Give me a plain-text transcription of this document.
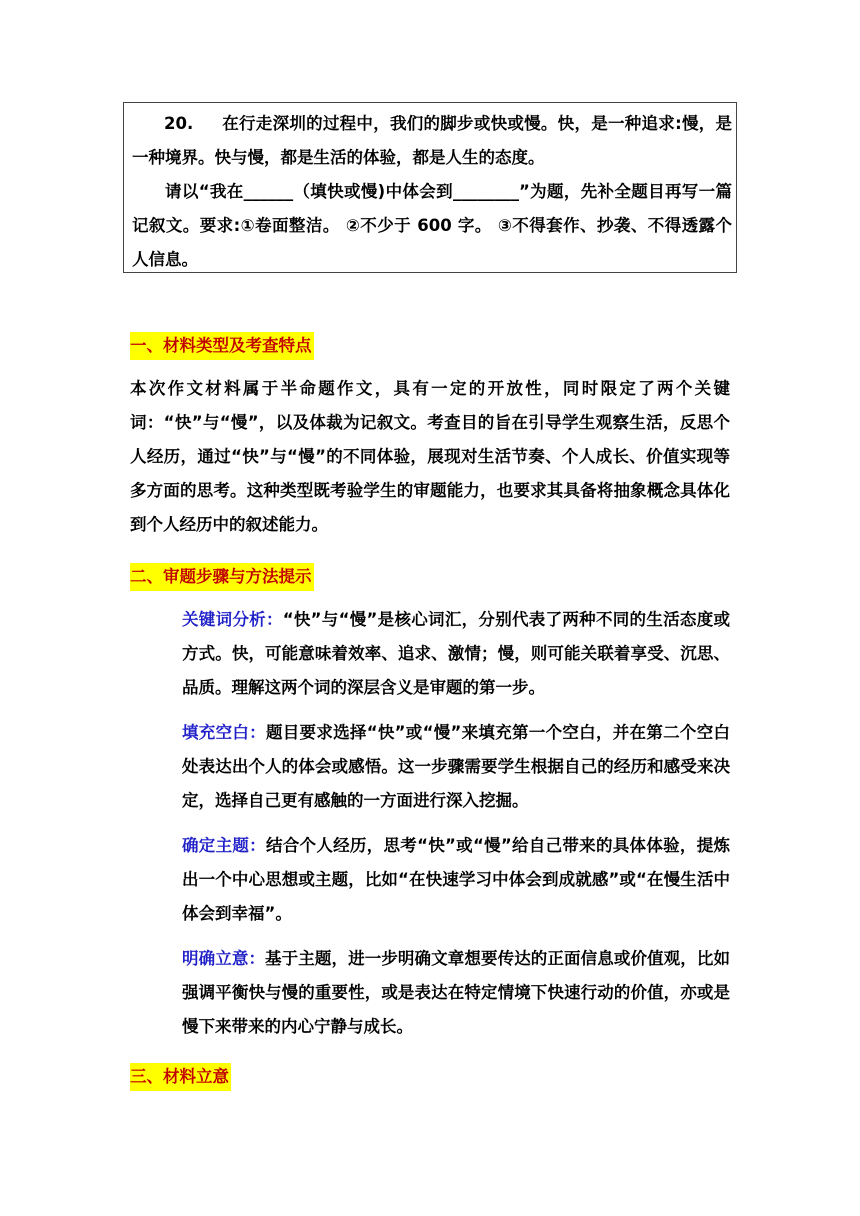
20. 在行走深圳的过程中，我们的脚步或快或慢。快，是一种追求:慢，是一种境界。快与慢，都是生活的体验，都是人生的态度。

请以“我在______（填快或慢)中体会到________”为题，先补全题目再写一篇记叙文。要求:①卷面整洁。 ②不少于 600 字。 ③不得套作、抄袭、不得透露个人信息。

一、材料类型及考查特点

本次作文材料属于半命题作文，具有一定的开放性，同时限定了两个关键词：“快”与“慢”，以及体裁为记叙文。考查目的旨在引导学生观察生活，反思个人经历，通过“快”与“慢”的不同体验，展现对生活节奏、个人成长、价值实现等多方面的思考。这种类型既考验学生的审题能力，也要求其具备将抽象概念具体化到个人经历中的叙述能力。

二、审题步骤与方法提示

关键词分析：“快”与“慢”是核心词汇，分别代表了两种不同的生活态度或方式。快，可能意味着效率、追求、激情；慢，则可能关联着享受、沉思、品质。理解这两个词的深层含义是审题的第一步。

填充空白：题目要求选择“快”或“慢”来填充第一个空白，并在第二个空白处表达出个人的体会或感悟。这一步骤需要学生根据自己的经历和感受来决定，选择自己更有感触的一方面进行深入挖掘。

确定主题：结合个人经历，思考“快”或“慢”给自己带来的具体体验，提炼出一个中心思想或主题，比如“在快速学习中体会到成就感”或“在慢生活中体会到幸福”。

明确立意：基于主题，进一步明确文章想要传达的正面信息或价值观，比如强调平衡快与慢的重要性，或是表达在特定情境下快速行动的价值，亦或是慢下来带来的内心宁静与成长。

三、材料立意
